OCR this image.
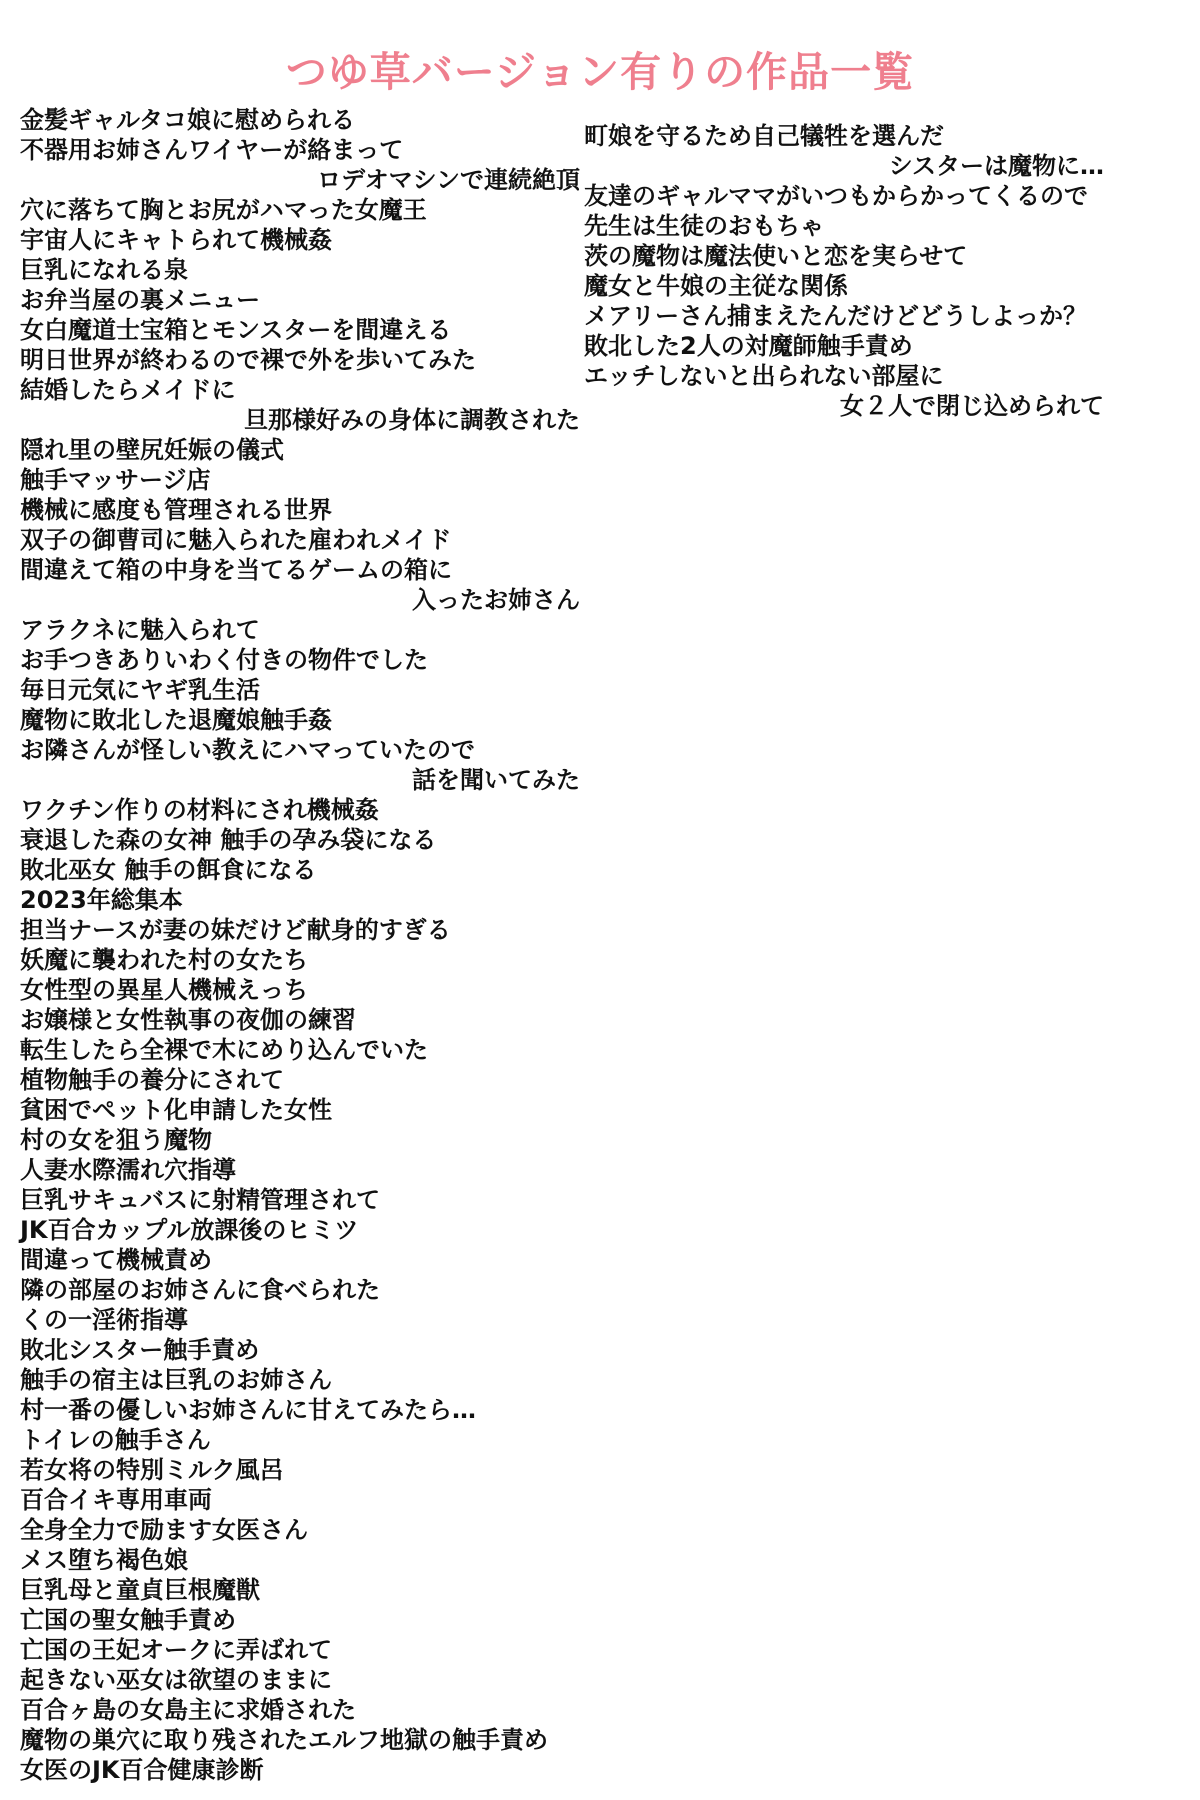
つゆ草バージョン有りの作品一覧
金髪ギャルタコ娘に慰められる
不器用お姉さんワイヤーが絡まって
ロデオマシンで連続絶頂
穴に落ちて胸とお尻がハマった女魔王
宇宙人にキャトられて機械姦
巨乳になれる泉
お弁当屋の裏メニュー
女白魔道士宝箱とモンスターを間違える
明日世界が終わるので裸で外を歩いてみた
結婚したらメイドに
旦那様好みの身体に調教された
隠れ里の壁尻妊娠の儀式
触手マッサージ店
機械に感度も管理される世界
双子の御曹司に魅入られた雇われメイド
間違えて箱の中身を当てるゲームの箱に
入ったお姉さん
アラクネに魅入られて
お手つきありいわく付きの物件でした
毎日元気にヤギ乳生活
魔物に敗北した退魔娘触手姦
お隣さんが怪しい教えにハマっていたので
話を聞いてみた
ワクチン作りの材料にされ機械姦
衰退した森の女神 触手の孕み袋になる
敗北巫女 触手の餌食になる
2023年総集本
担当ナースが妻の妹だけど献身的すぎる
妖魔に襲われた村の女たち
女性型の異星人機械えっち
お嬢様と女性執事の夜伽の練習
転生したら全裸で木にめり込んでいた
植物触手の養分にされて
貧困でペット化申請した女性
村の女を狙う魔物
人妻水際濡れ穴指導
巨乳サキュバスに射精管理されて
JK百合カップル放課後のヒミツ
間違って機械責め
隣の部屋のお姉さんに食べられた
くの一淫術指導
敗北シスター触手責め
触手の宿主は巨乳のお姉さん
村一番の優しいお姉さんに甘えてみたら…
トイレの触手さん
若女将の特別ミルク風呂
百合イキ専用車両
全身全力で励ます女医さん
メス堕ち褐色娘
巨乳母と童貞巨根魔獣
亡国の聖女触手責め
亡国の王妃オークに弄ばれて
起きない巫女は欲望のままに
百合ヶ島の女島主に求婚された
魔物の巣穴に取り残されたエルフ地獄の触手責め
女医のJK百合健康診断
町娘を守るため自己犠牲を選んだ
シスターは魔物に…
友達のギャルママがいつもからかってくるので
先生は生徒のおもちゃ
茨の魔物は魔法使いと恋を実らせて
魔女と牛娘の主従な関係
メアリーさん捕まえたんだけどどうしよっか？
敗北した2人の対魔師触手責め
エッチしないと出られない部屋に
女２人で閉じ込められて
